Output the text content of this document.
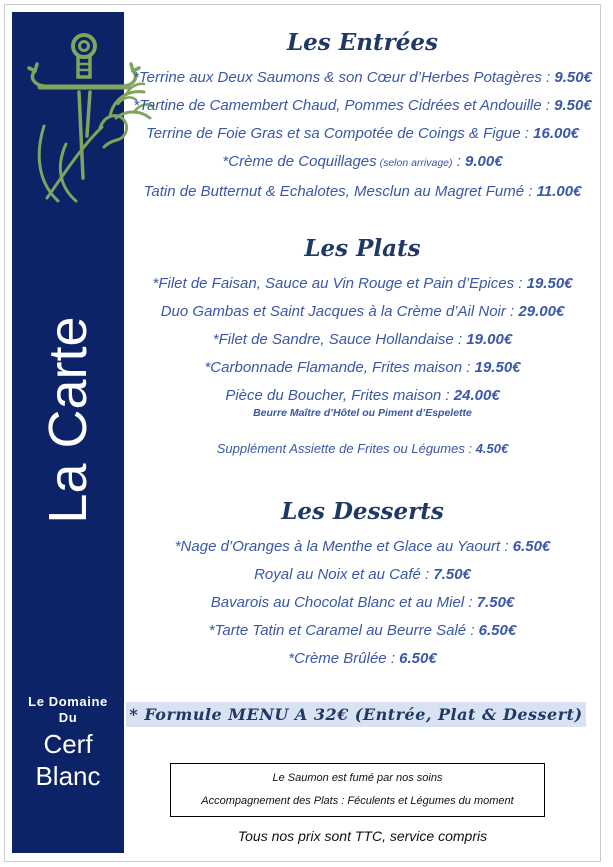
La Carte
Le Domaine
Du
Cerf Blanc
Les Entrées
*Terrine aux Deux Saumons & son Cœur d’Herbes Potagères : 9.50€
*Tartine de Camembert Chaud, Pommes Cidrées et Andouille : 9.50€
Terrine de Foie Gras et sa Compotée de Coings & Figue : 16.00€
*Crème de Coquillages (selon arrivage) : 9.00€
Tatin de Butternut & Echalotes, Mesclun au Magret Fumé : 11.00€
Les Plats
*Filet de Faisan, Sauce au Vin Rouge et Pain d’Epices : 19.50€
Duo Gambas et Saint Jacques à la Crème d’Ail Noir : 29.00€
*Filet de Sandre, Sauce Hollandaise : 19.00€
*Carbonnade Flamande, Frites maison : 19.50€
Pièce du Boucher, Frites maison : 24.00€
Beurre Maître d’Hôtel ou Piment d’Espelette
Supplément Assiette de Frites ou Légumes : 4.50€
Les Desserts
*Nage d’Oranges à la Menthe et Glace au Yaourt : 6.50€
Royal au Noix et au Café : 7.50€
Bavarois au Chocolat Blanc et au Miel : 7.50€
*Tarte Tatin et Caramel au Beurre Salé : 6.50€
*Crème Brûlée : 6.50€
* Formule MENU A 32€ (Entrée, Plat & Dessert)
Le Saumon est fumé par nos soins
Accompagnement des Plats : Féculents et Légumes du moment
Tous nos prix sont TTC, service compris
